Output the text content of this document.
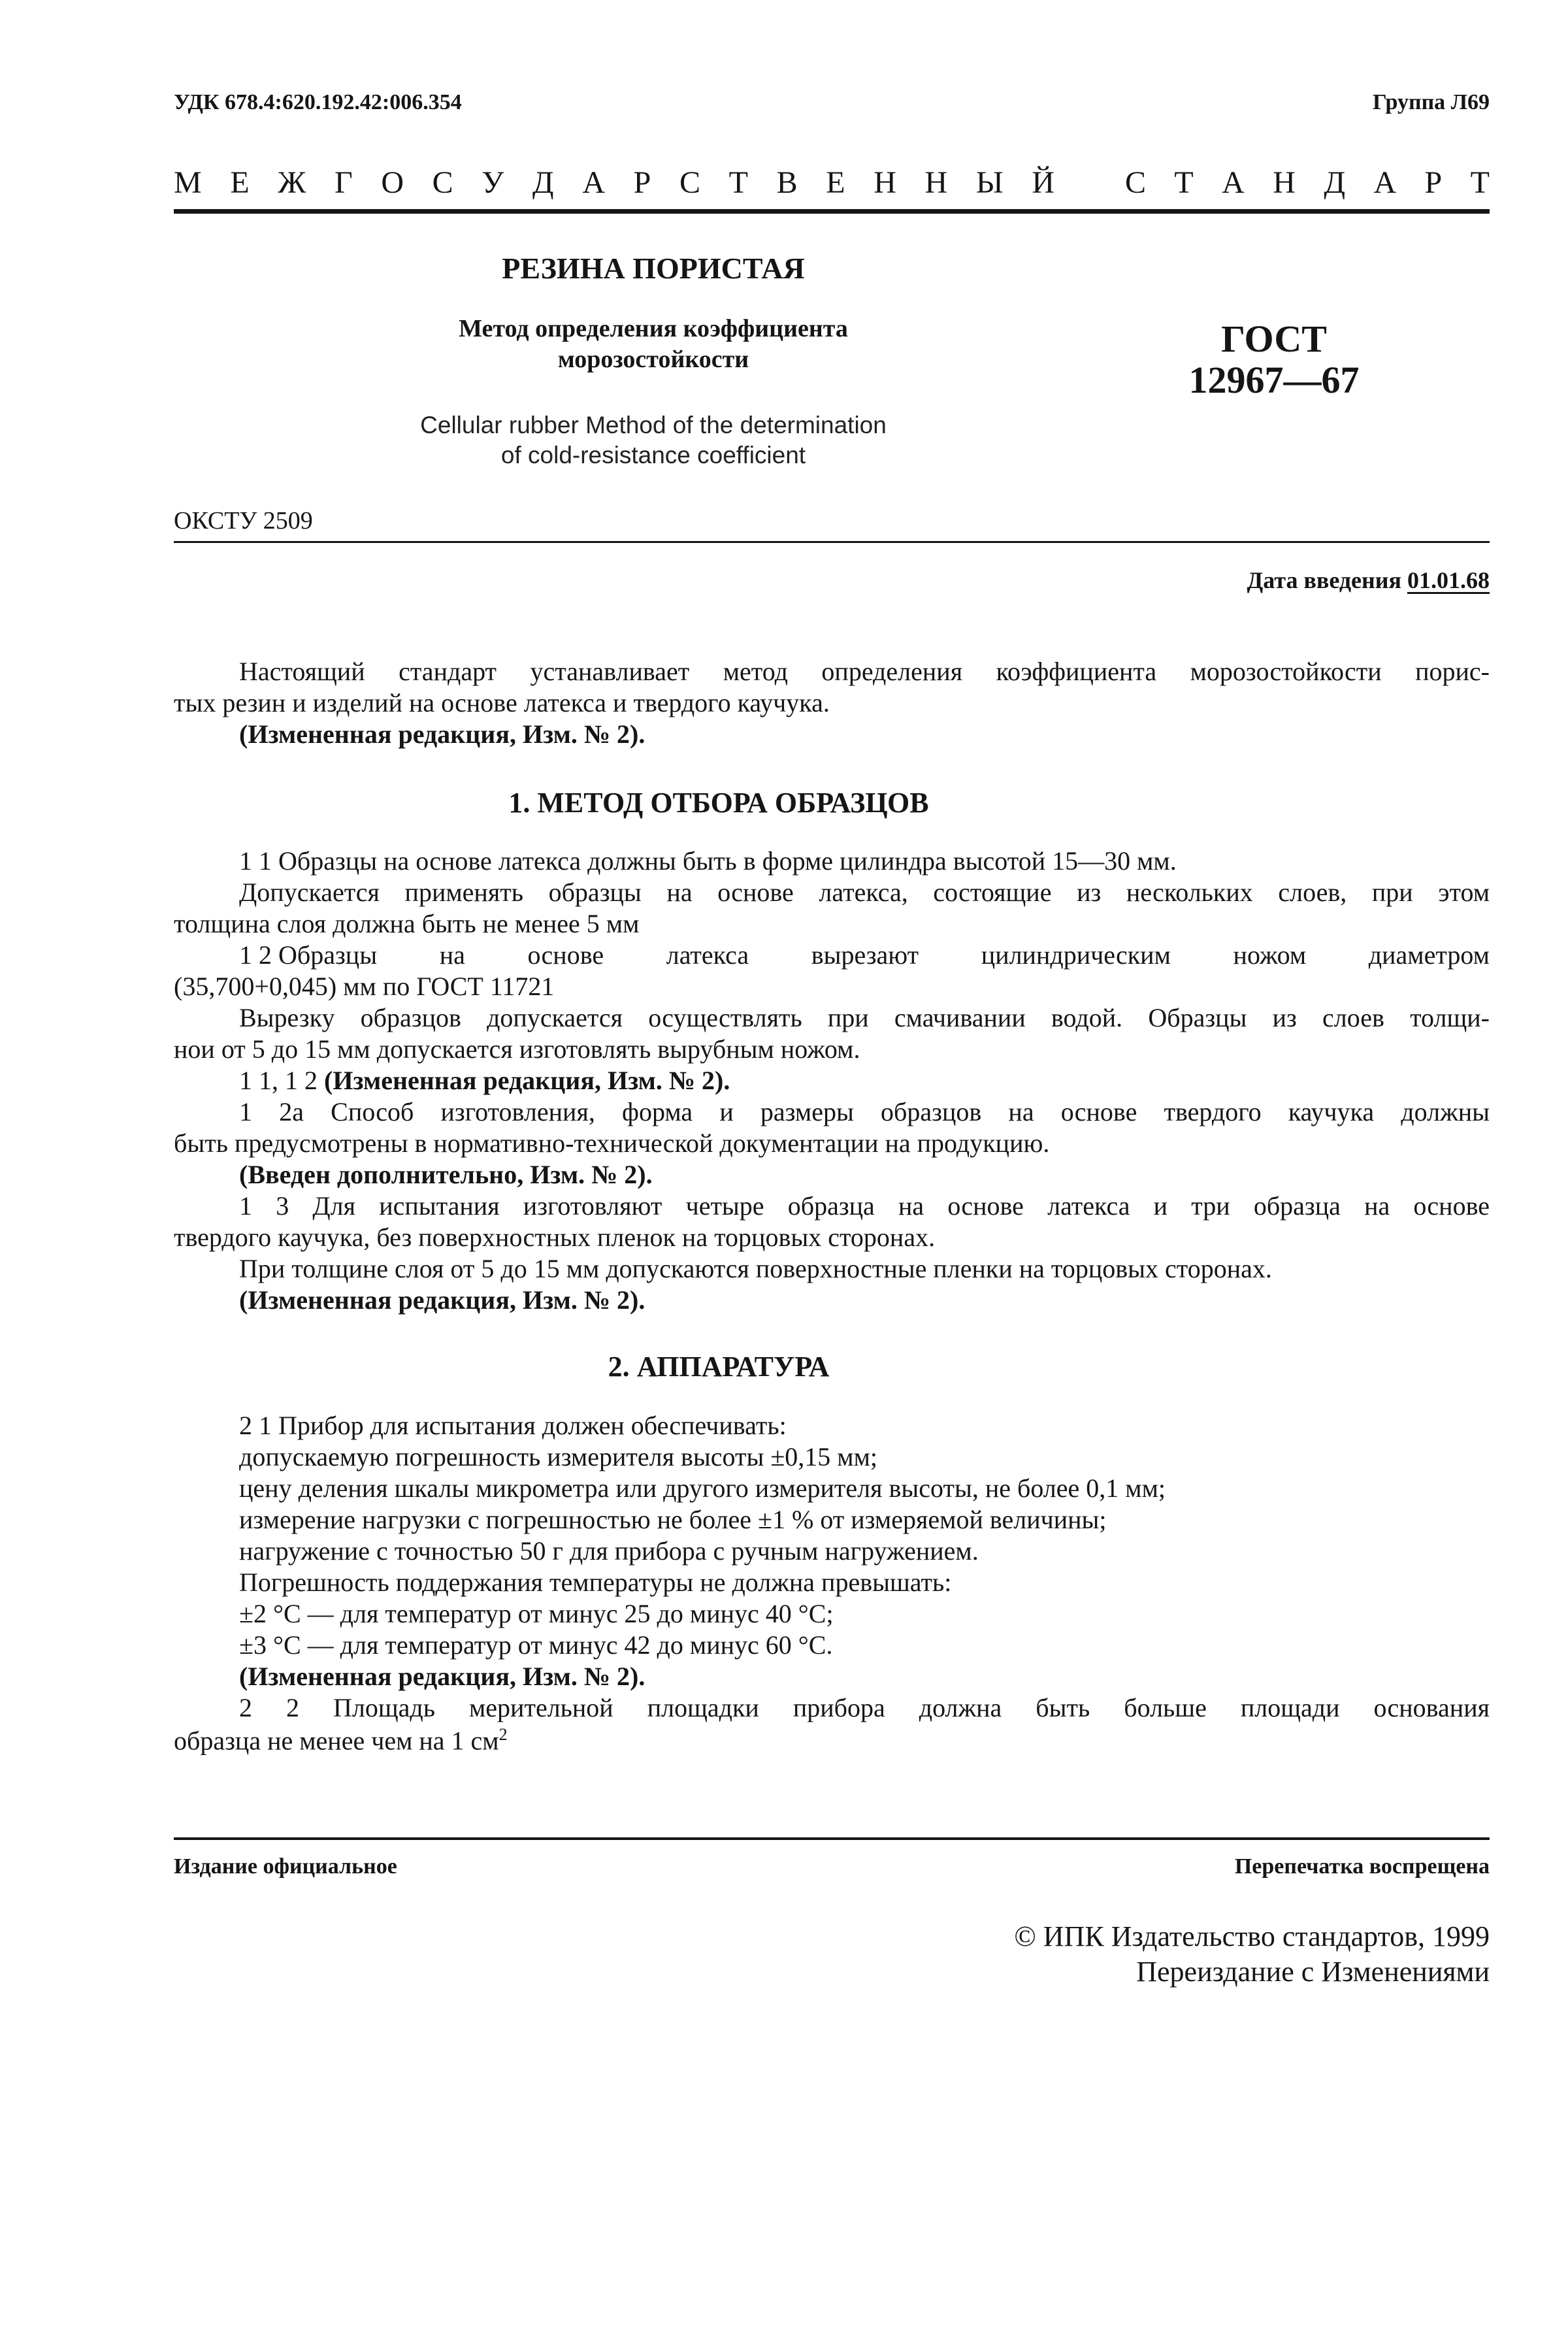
УДК 678.4:620.192.42:006.354	Группа Л69
М Е Ж Г О С У Д А Р С Т В Е Н Н Ы Й С Т А Н Д А Р Т
РЕЗИНА ПОРИСТАЯ
Метод определения коэффициента
морозостойкости
Cellular rubber Method of the determination
of cold-resistance coefficient
ГОСТ
12967—67
ОКСТУ 2509
Дата введения 01.01.68
Настоящий стандарт устанавливает метод определения коэффициента морозостойкости порис-
тых резин и изделий на основе латекса и твердого каучука.
(Измененная редакция, Изм. № 2).
1. МЕТОД ОТБОРА ОБРАЗЦОВ
1 1 Образцы на основе латекса должны быть в форме цилиндра высотой 15—30 мм.
Допускается применять образцы на основе латекса, состоящие из нескольких слоев, при этом
толщина слоя должна быть не менее 5 мм
1 2 Образцы на основе латекса вырезают цилиндрическим ножом диаметром
(35,700+0,045) мм по ГОСТ 11721
Вырезку образцов допускается осуществлять при смачивании водой. Образцы из слоев толщи-
нои от 5 до 15 мм допускается изготовлять вырубным ножом.
1 1, 1 2 (Измененная редакция, Изм. № 2).
1 2а Способ изготовления, форма и размеры образцов на основе твердого каучука должны
быть предусмотрены в нормативно-технической документации на продукцию.
(Введен дополнительно, Изм. № 2).
1 3 Для испытания изготовляют четыре образца на основе латекса и три образца на основе
твердого каучука, без поверхностных пленок на торцовых сторонах.
При толщине слоя от 5 до 15 мм допускаются поверхностные пленки на торцовых сторонах.
(Измененная редакция, Изм. № 2).
2. АППАРАТУРА
2 1 Прибор для испытания должен обеспечивать:
допускаемую погрешность измерителя высоты ±0,15 мм;
цену деления шкалы микрометра или другого измерителя высоты, не более 0,1 мм;
измерение нагрузки с погрешностью не более ±1 % от измеряемой величины;
нагружение с точностью 50 г для прибора с ручным нагружением.
Погрешность поддержания температуры не должна превышать:
±2 °С — для температур от минус 25 до минус 40 °С;
±3 °С — для температур от минус 42 до минус 60 °С.
(Измененная редакция, Изм. № 2).
2 2 Площадь мерительной площадки прибора должна быть больше площади основания
образца не менее чем на 1 $см^2$
Издание официальное	Перепечатка воспрещена
© ИПК Издательство стандартов, 1999
Переиздание с Изменениями
